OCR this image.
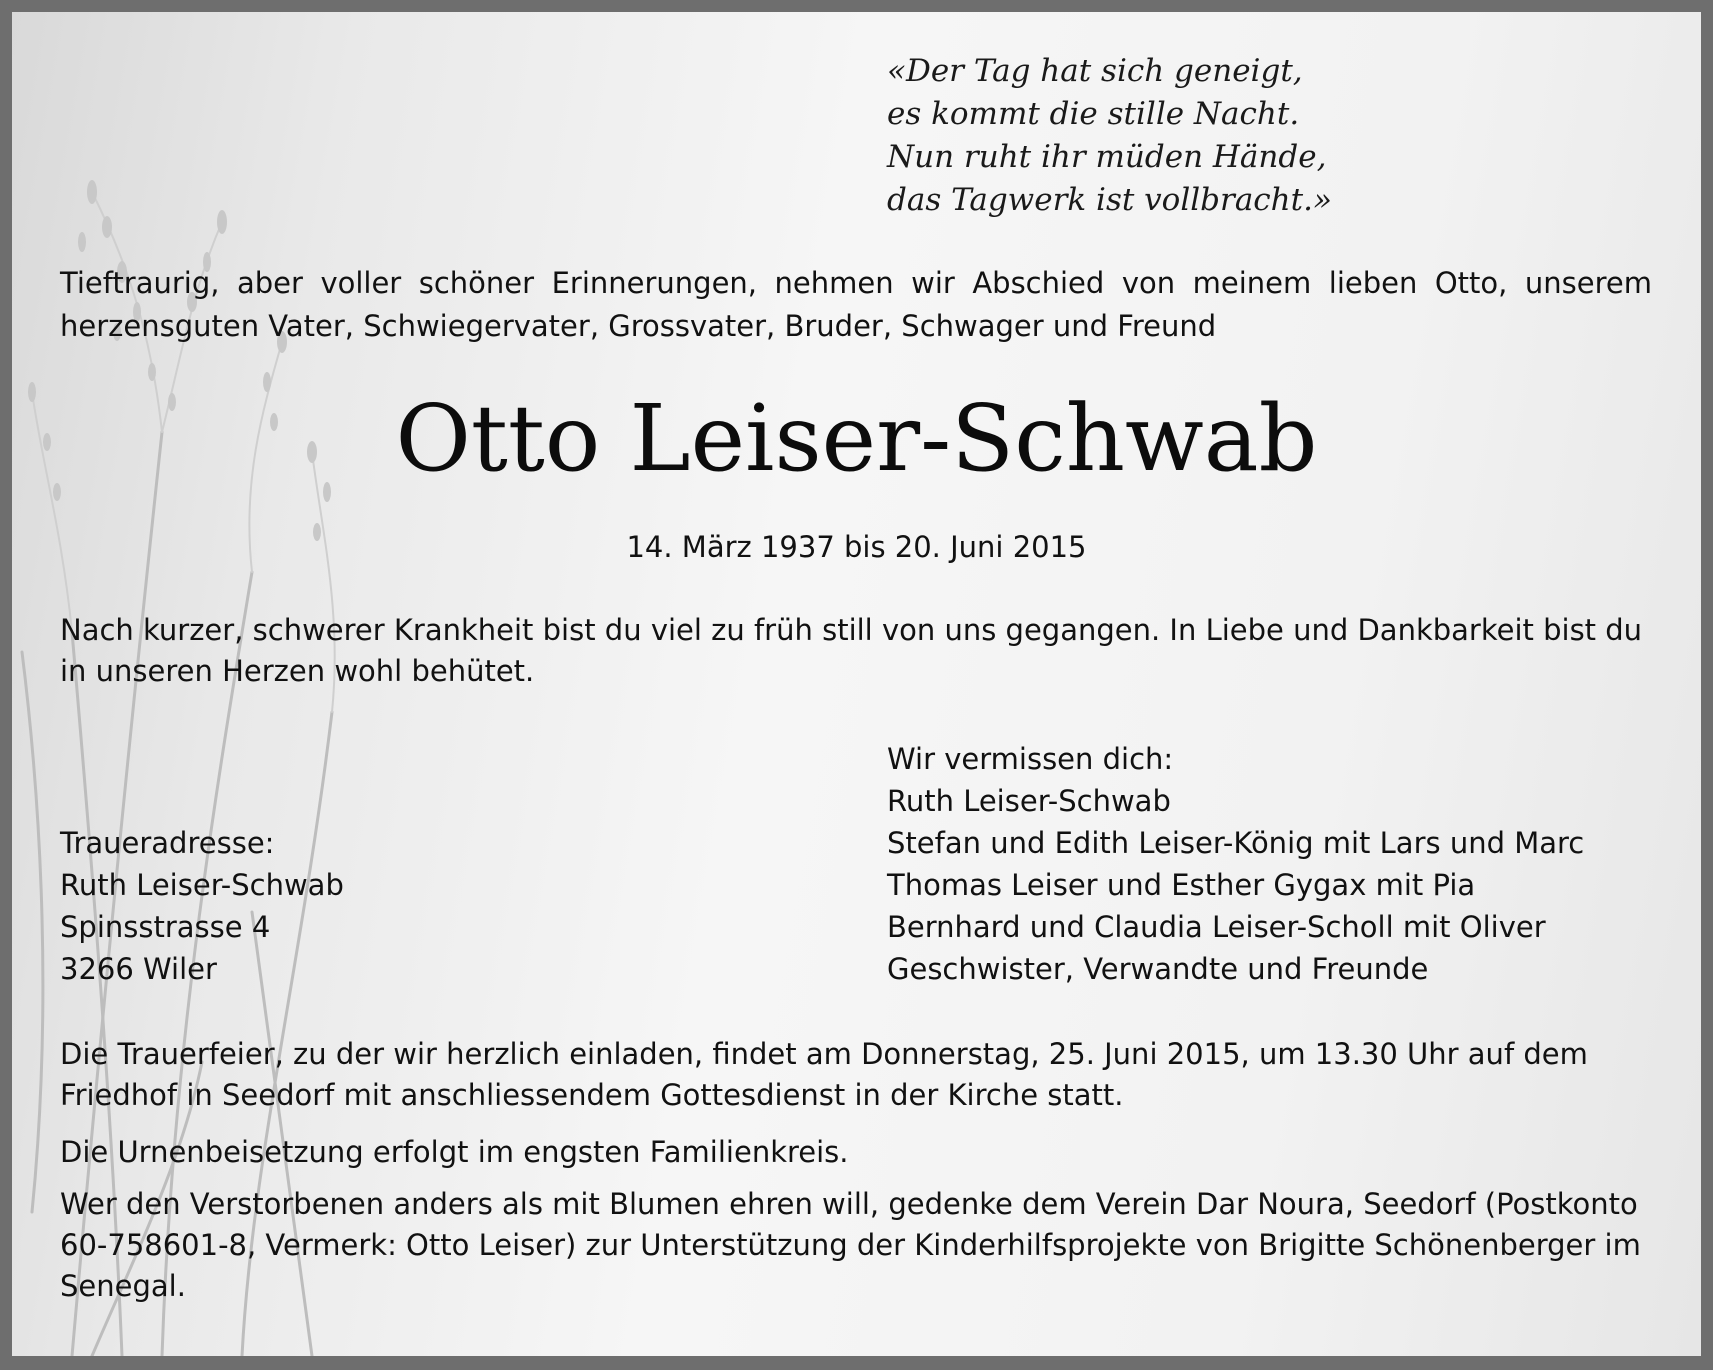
«Der Tag hat sich geneigt,
es kommt die stille Nacht.
Nun ruht ihr müden Hände,
das Tagwerk ist vollbracht.»
Tieftraurig, aber voller schöner Erinnerungen, nehmen wir Abschied von meinem lieben Otto, unserem herzensguten Vater, Schwiegervater, Grossvater, Bruder, Schwager und Freund
Otto Leiser-Schwab
14. März 1937 bis 20. Juni 2015
Nach kurzer, schwerer Krankheit bist du viel zu früh still von uns gegangen. In Liebe und Dankbarkeit bist du in unseren Herzen wohl behütet.
Wir vermissen dich:
Ruth Leiser-Schwab
Stefan und Edith Leiser-König mit Lars und Marc
Thomas Leiser und Esther Gygax mit Pia
Bernhard und Claudia Leiser-Scholl mit Oliver
Geschwister, Verwandte und Freunde
Traueradresse:
Ruth Leiser-Schwab
Spinsstrasse 4
3266 Wiler
Die Trauerfeier, zu der wir herzlich einladen, findet am Donnerstag, 25. Juni 2015, um 13.30 Uhr auf dem Friedhof in Seedorf mit anschliessendem Gottesdienst in der Kirche statt.
Die Urnenbeisetzung erfolgt im engsten Familienkreis.
Wer den Verstorbenen anders als mit Blumen ehren will, gedenke dem Verein Dar Noura, Seedorf (Postkonto 60-758601-8, Vermerk: Otto Leiser) zur Unterstützung der Kinderhilfsprojekte von Brigitte Schönenberger im Senegal.
